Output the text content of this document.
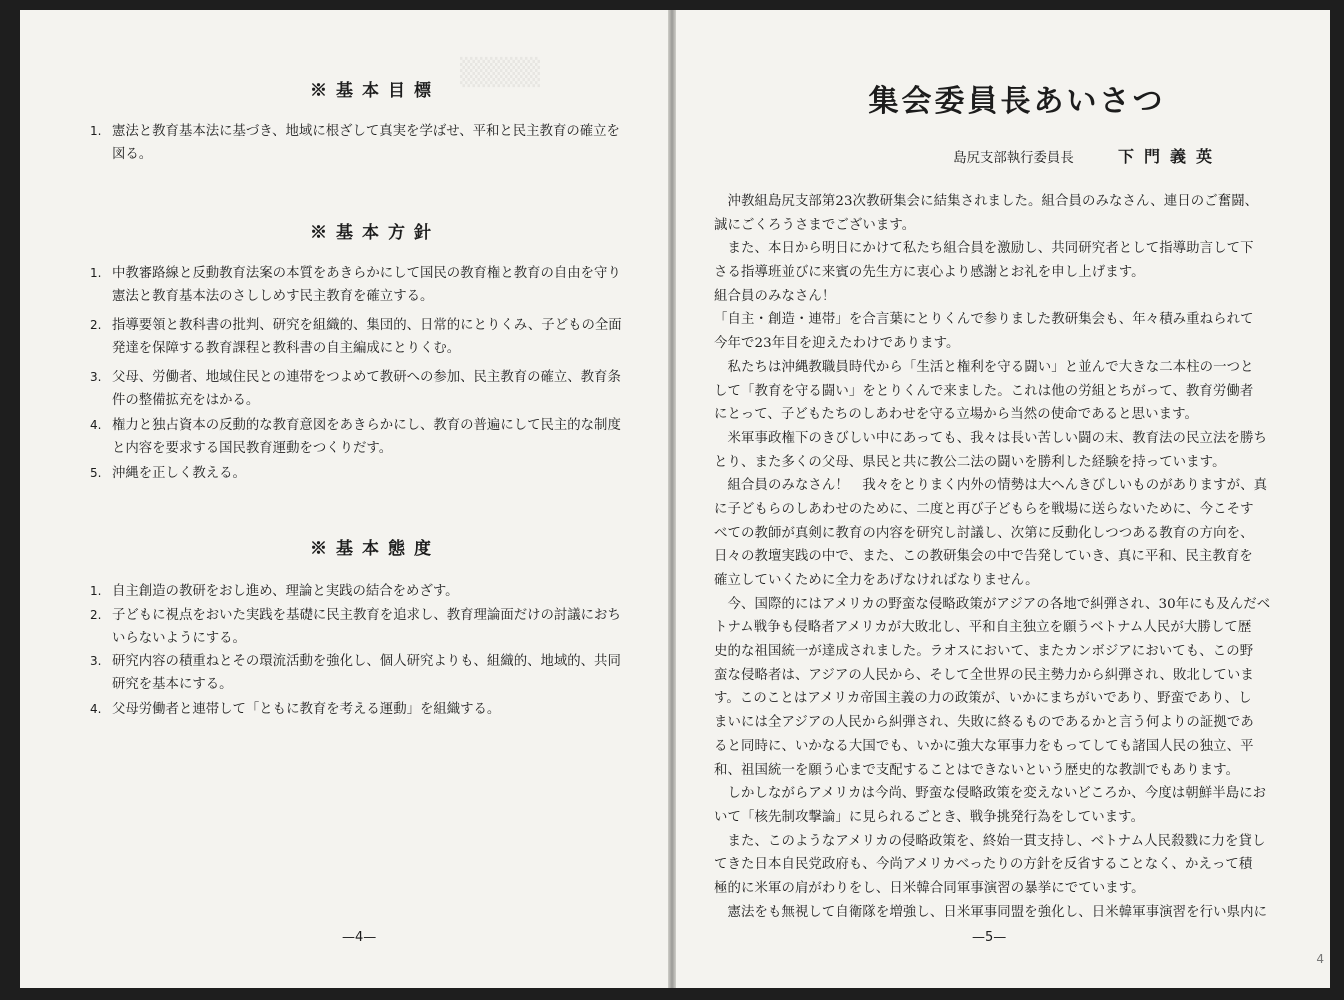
▒▒▒▒
※基本目標
1. 憲法と教育基本法に基づき、地域に根ざして真実を学ばせ、平和と民主教育の確立を
図る。
※基本方針
1. 中教審路線と反動教育法案の本質をあきらかにして国民の教育権と教育の自由を守り
憲法と教育基本法のさししめす民主教育を確立する。
2. 指導要領と教科書の批判、研究を組織的、集団的、日常的にとりくみ、子どもの全面
発達を保障する教育課程と教科書の自主編成にとりくむ。
3. 父母、労働者、地域住民との連帯をつよめて教研への参加、民主教育の確立、教育条
件の整備拡充をはかる。
4. 権力と独占資本の反動的な教育意図をあきらかにし、教育の普遍にして民主的な制度
と内容を要求する国民教育運動をつくりだす。
5. 沖縄を正しく教える。
※基本態度
1. 自主創造の教研をおし進め、理論と実践の結合をめざす。
2. 子どもに視点をおいた実践を基礎に民主教育を追求し、教育理論面だけの討議におち
いらないようにする。
3. 研究内容の積重ねとその環流活動を強化し、個人研究よりも、組織的、地域的、共同
研究を基本にする。
4. 父母労働者と連帯して「ともに教育を考える運動」を組織する。
—4—
集会委員長あいさつ
島尻支部執行委員長	下門義英
　沖教組島尻支部第23次教研集会に結集されました。組合員のみなさん、連日のご奮闘、
誠にごくろうさまでございます。
　また、本日から明日にかけて私たち組合員を激励し、共同研究者として指導助言して下
さる指導班並びに来賓の先生方に衷心より感謝とお礼を申し上げます。
組合員のみなさん！
「自主・創造・連帯」を合言葉にとりくんで参りました教研集会も、年々積み重ねられて
今年で23年目を迎えたわけであります。
　私たちは沖縄教職員時代から「生活と権利を守る闘い」と並んで大きな二本柱の一つと
して「教育を守る闘い」をとりくんで来ました。これは他の労組とちがって、教育労働者
にとって、子どもたちのしあわせを守る立場から当然の使命であると思います。
　米軍事政権下のきびしい中にあっても、我々は長い苦しい闘の末、教育法の民立法を勝ち
とり、また多くの父母、県民と共に教公二法の闘いを勝利した経験を持っています。
　組合員のみなさん！　我々をとりまく内外の情勢は大へんきびしいものがありますが、真
に子どもらのしあわせのために、二度と再び子どもらを戦場に送らないために、今こそす
べての教師が真剣に教育の内容を研究し討議し、次第に反動化しつつある教育の方向を、
日々の教壇実践の中で、また、この教研集会の中で告発していき、真に平和、民主教育を
確立していくために全力をあげなければなりません。
　今、国際的にはアメリカの野蛮な侵略政策がアジアの各地で糾弾され、30年にも及んだベ
トナム戦争も侵略者アメリカが大敗北し、平和自主独立を願うベトナム人民が大勝して歴
史的な祖国統一が達成されました。ラオスにおいて、またカンボジアにおいても、この野
蛮な侵略者は、アジアの人民から、そして全世界の民主勢力から糾弾され、敗北していま
す。このことはアメリカ帝国主義の力の政策が、いかにまちがいであり、野蛮であり、し
まいには全アジアの人民から糾弾され、失敗に終るものであるかと言う何よりの証拠であ
ると同時に、いかなる大国でも、いかに強大な軍事力をもってしても諸国人民の独立、平
和、祖国統一を願う心まで支配することはできないという歴史的な教訓でもあります。
　しかしながらアメリカは今尚、野蛮な侵略政策を変えないどころか、今度は朝鮮半島にお
いて「核先制攻撃論」に見られるごとき、戦争挑発行為をしています。
　また、このようなアメリカの侵略政策を、終始一貫支持し、ベトナム人民殺戮に力を貸し
てきた日本自民党政府も、今尚アメリカべったりの方針を反省することなく、かえって積
極的に米軍の肩がわりをし、日米韓合同軍事演習の暴挙にでています。
　憲法をも無視して自衛隊を増強し、日米軍事同盟を強化し、日米韓軍事演習を行い県内に
—5—
4
